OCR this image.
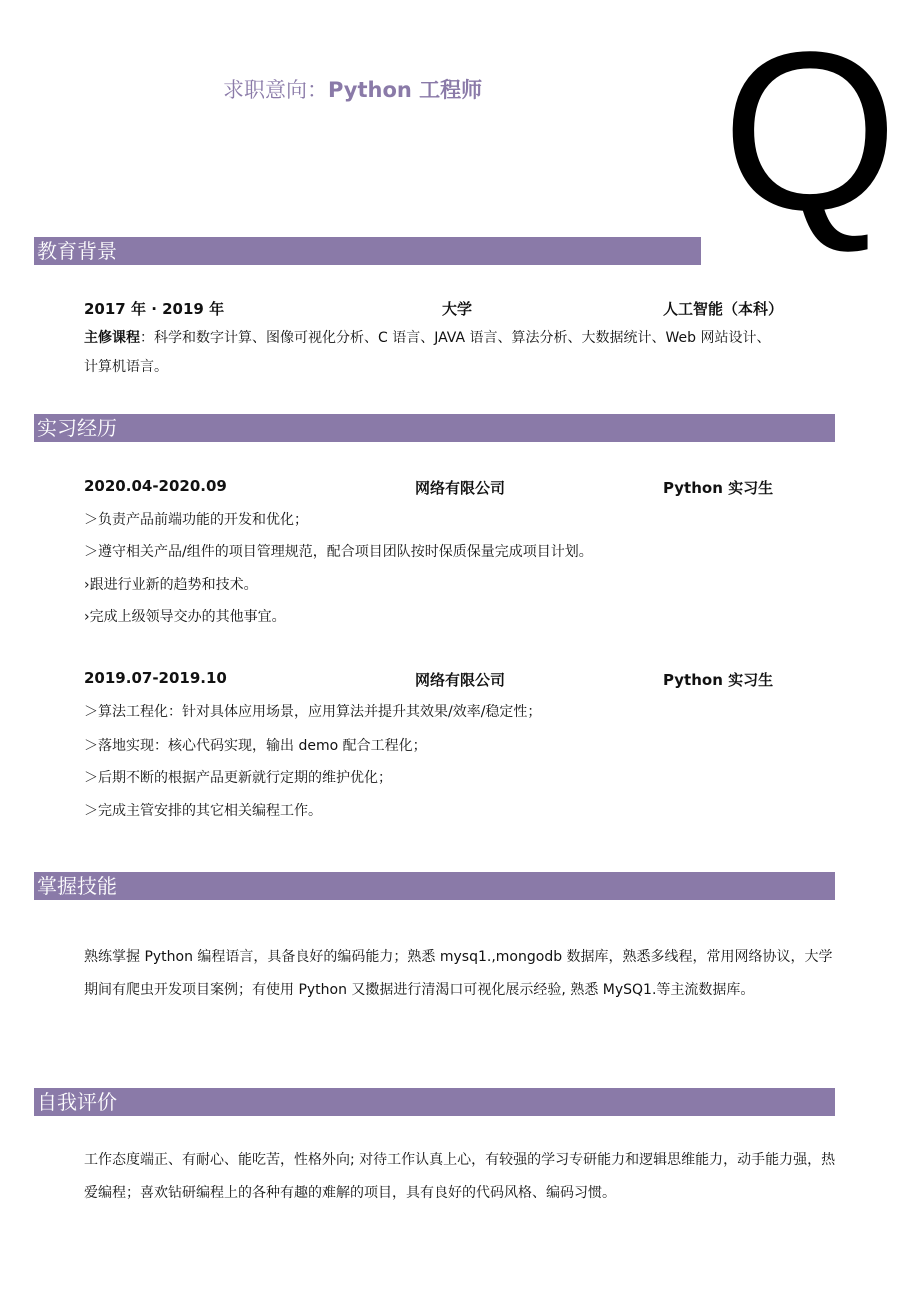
求职意向：Python 工程师 Q
教育背景
2017 年 · 2019 年	大学	人工智能（本科）
主修课程：科学和数字计算、图像可视化分析、C 语言、JAVA 语言、算法分析、大数据统计、Web 网站设计、
计算机语言。
实习经历
2020.04-2020.09	网络有限公司	Python 实习生
＞负责产品前端功能的开发和优化；
＞遵守相关产品/组件的项目管理规范，配合项目团队按时保质保量完成项目计划。
›跟进行业新的趋势和技术。
›完成上级领导交办的其他事宜。
2019.07-2019.10	网络有限公司	Python 实习生
＞算法工程化：针对具体应用场景，应用算法并提升其效果/效率/稳定性；
＞落地实现：核心代码实现，输出 demo 配合工程化；
＞后期不断的根据产品更新就行定期的维护优化；
＞完成主管安排的其它相关编程工作。
掌握技能
熟练掌握 Python 编程语言，具备良好的编码能力；熟悉 mysq1.,mongodb 数据库，熟悉多线程，常用网络协议，大学期间有爬虫开发项目案例；有使用 Python 又擞据进行清渴口可视化展示经验, 熟悉 MySQ1.等主流数据库。
自我评价
工作态度端正、有耐心、能吃苦，性格外向; 对待工作认真上心，有较强的学习专研能力和逻辑思维能力，动手能力强，热爱编程；喜欢钻研编程上的各种有趣的难解的项目，具有良好的代码风格、编码习惯。
